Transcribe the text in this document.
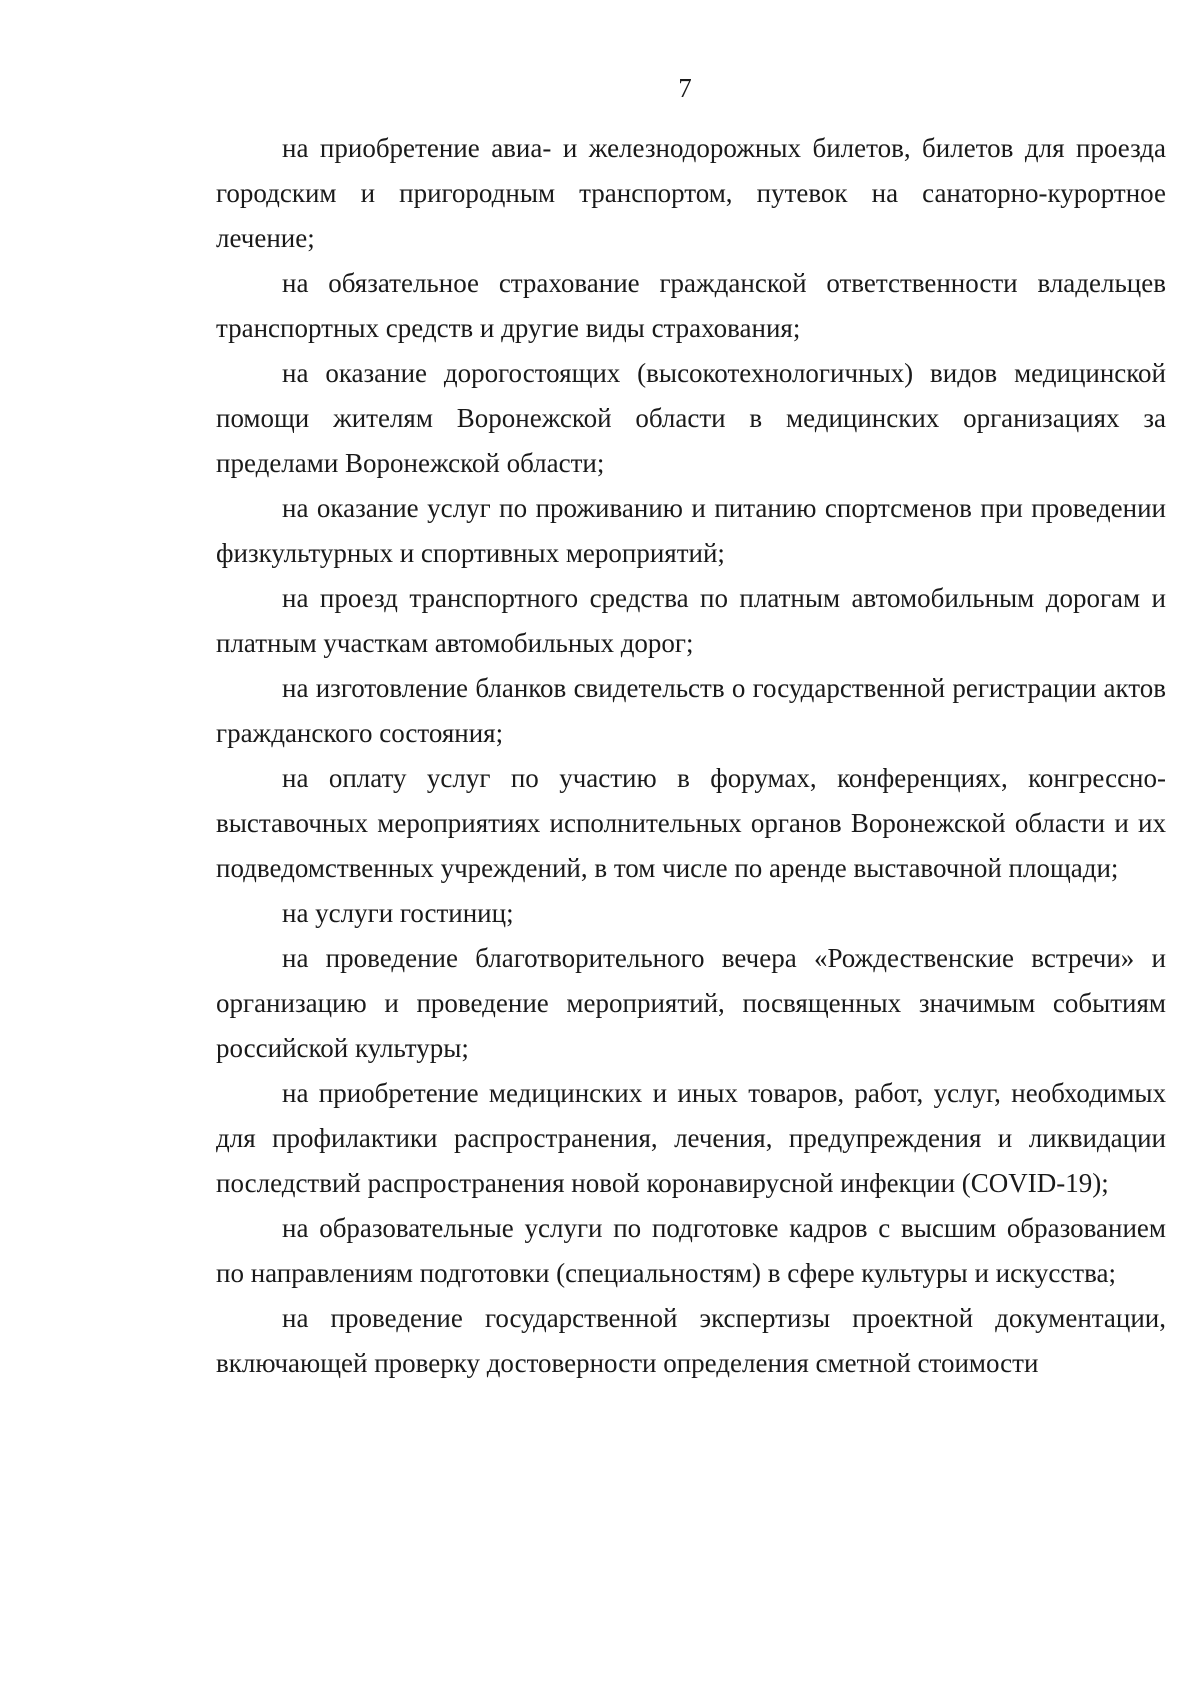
7

на приобретение авиа- и железнодорожных билетов, билетов для проезда городским и пригородным транспортом, путевок на санаторно-курортное лечение;

на обязательное страхование гражданской ответственности владельцев транспортных средств и другие виды страхования;

на оказание дорогостоящих (высокотехнологичных) видов медицинской помощи жителям Воронежской области в медицинских организациях за пределами Воронежской области;

на оказание услуг по проживанию и питанию спортсменов при проведении физкультурных и спортивных мероприятий;

на проезд транспортного средства по платным автомобильным дорогам и платным участкам автомобильных дорог;

на изготовление бланков свидетельств о государственной регистрации актов гражданского состояния;

на оплату услуг по участию в форумах, конференциях, конгрессно-выставочных мероприятиях исполнительных органов Воронежской области и их подведомственных учреждений, в том числе по аренде выставочной площади;

на услуги гостиниц;

на проведение благотворительного вечера «Рождественские встречи» и организацию и проведение мероприятий, посвященных значимым событиям российской культуры;

на приобретение медицинских и иных товаров, работ, услуг, необходимых для профилактики распространения, лечения, предупреждения и ликвидации последствий распространения новой коронавирусной инфекции (COVID-19);

на образовательные услуги по подготовке кадров с высшим образованием по направлениям подготовки (специальностям) в сфере культуры и искусства;

на проведение государственной экспертизы проектной документации, включающей проверку достоверности определения сметной стоимости
